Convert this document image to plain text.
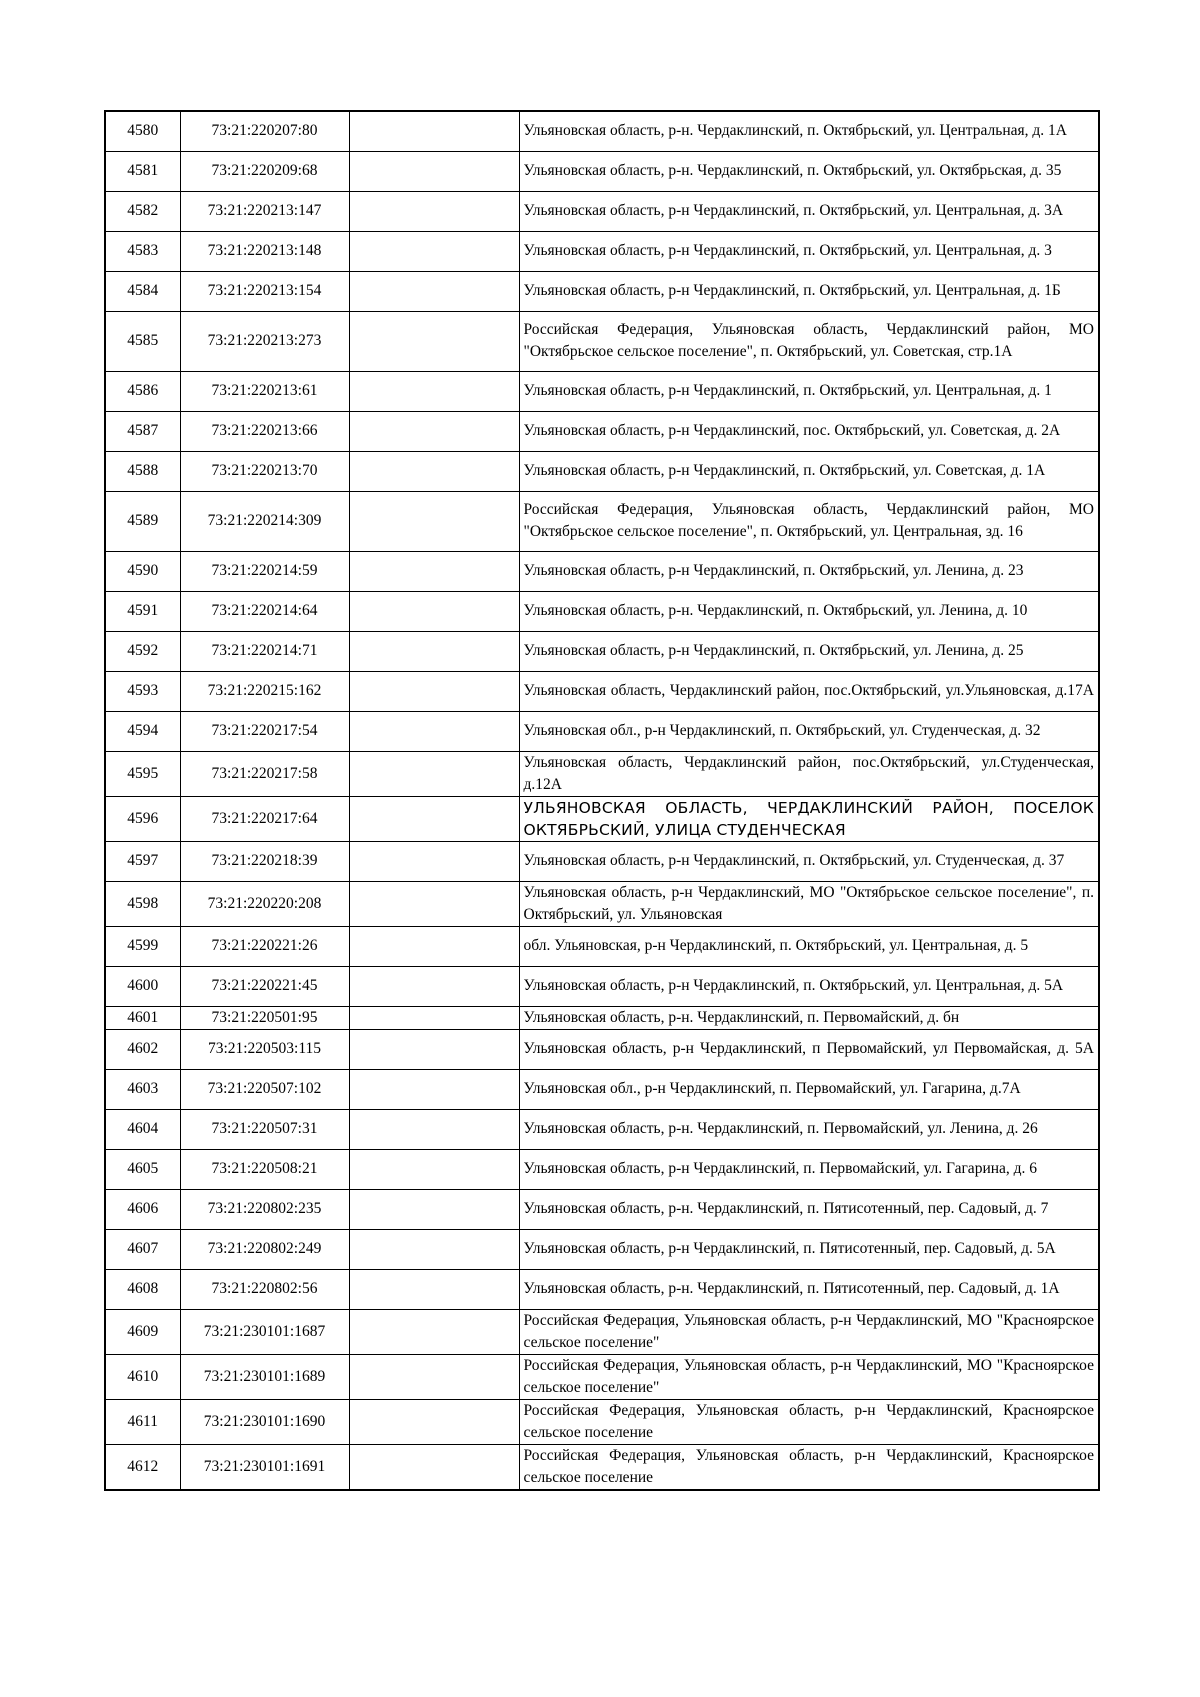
4580	73:21:220207:80		Ульяновская область, р-н. Чердаклинский, п. Октябрьский, ул. Центральная, д. 1А
4581	73:21:220209:68		Ульяновская область, р-н. Чердаклинский, п. Октябрьский, ул. Октябрьская, д. 35
4582	73:21:220213:147		Ульяновская область, р-н Чердаклинский, п. Октябрьский, ул. Центральная, д. 3А
4583	73:21:220213:148		Ульяновская область, р-н Чердаклинский, п. Октябрьский, ул. Центральная, д. 3
4584	73:21:220213:154		Ульяновская область, р-н Чердаклинский, п. Октябрьский, ул. Центральная, д. 1Б
4585	73:21:220213:273		Российская Федерация, Ульяновская область, Чердаклинский район, МО "Октябрьское сельское поселение", п. Октябрьский, ул. Советская, стр.1А
4586	73:21:220213:61		Ульяновская область, р-н Чердаклинский, п. Октябрьский, ул. Центральная, д. 1
4587	73:21:220213:66		Ульяновская область, р-н Чердаклинский, пос. Октябрьский, ул. Советская, д. 2А
4588	73:21:220213:70		Ульяновская область, р-н Чердаклинский, п. Октябрьский, ул. Советская, д. 1А
4589	73:21:220214:309		Российская Федерация, Ульяновская область, Чердаклинский район, МО "Октябрьское сельское поселение", п. Октябрьский, ул. Центральная, зд. 16
4590	73:21:220214:59		Ульяновская область, р-н Чердаклинский, п. Октябрьский, ул. Ленина, д. 23
4591	73:21:220214:64		Ульяновская область, р-н. Чердаклинский, п. Октябрьский, ул. Ленина, д. 10
4592	73:21:220214:71		Ульяновская область, р-н Чердаклинский, п. Октябрьский, ул. Ленина, д. 25
4593	73:21:220215:162		Ульяновская область, Чердаклинский район, пос.Октябрьский, ул.Ульяновская, д.17А
4594	73:21:220217:54		Ульяновская обл., р-н Чердаклинский, п. Октябрьский, ул. Студенческая, д. 32
4595	73:21:220217:58		Ульяновская область, Чердаклинский район, пос.Октябрьский, ул.Студенческая, д.12А
4596	73:21:220217:64		УЛЬЯНОВСКАЯ ОБЛАСТЬ, ЧЕРДАКЛИНСКИЙ РАЙОН, ПОСЕЛОК ОКТЯБРЬСКИЙ, УЛИЦА СТУДЕНЧЕСКАЯ
4597	73:21:220218:39		Ульяновская область, р-н Чердаклинский, п. Октябрьский, ул. Студенческая, д. 37
4598	73:21:220220:208		Ульяновская область, р-н Чердаклинский, МО "Октябрьское сельское поселение", п. Октябрьский, ул. Ульяновская
4599	73:21:220221:26		обл. Ульяновская, р-н Чердаклинский, п. Октябрьский, ул. Центральная, д. 5
4600	73:21:220221:45		Ульяновская область, р-н Чердаклинский, п. Октябрьский, ул. Центральная, д. 5А
4601	73:21:220501:95		Ульяновская область, р-н. Чердаклинский, п. Первомайский, д. бн
4602	73:21:220503:115		Ульяновская область, р-н Чердаклинский, п Первомайский, ул Первомайская, д. 5А
4603	73:21:220507:102		Ульяновская обл., р-н Чердаклинский, п. Первомайский, ул. Гагарина, д.7А
4604	73:21:220507:31		Ульяновская область, р-н. Чердаклинский, п. Первомайский, ул. Ленина, д. 26
4605	73:21:220508:21		Ульяновская область, р-н Чердаклинский, п. Первомайский, ул. Гагарина, д. 6
4606	73:21:220802:235		Ульяновская область, р-н. Чердаклинский, п. Пятисотенный, пер. Садовый, д. 7
4607	73:21:220802:249		Ульяновская область, р-н Чердаклинский, п. Пятисотенный, пер. Садовый, д. 5А
4608	73:21:220802:56		Ульяновская область, р-н. Чердаклинский, п. Пятисотенный, пер. Садовый, д. 1А
4609	73:21:230101:1687		Российская Федерация, Ульяновская область, р-н Чердаклинский, МО "Красноярское сельское поселение"
4610	73:21:230101:1689		Российская Федерация, Ульяновская область, р-н Чердаклинский, МО "Красноярское сельское поселение"
4611	73:21:230101:1690		Российская Федерация, Ульяновская область, р-н Чердаклинский, Красноярское сельское поселение
4612	73:21:230101:1691		Российская Федерация, Ульяновская область, р-н Чердаклинский, Красноярское сельское поселение
